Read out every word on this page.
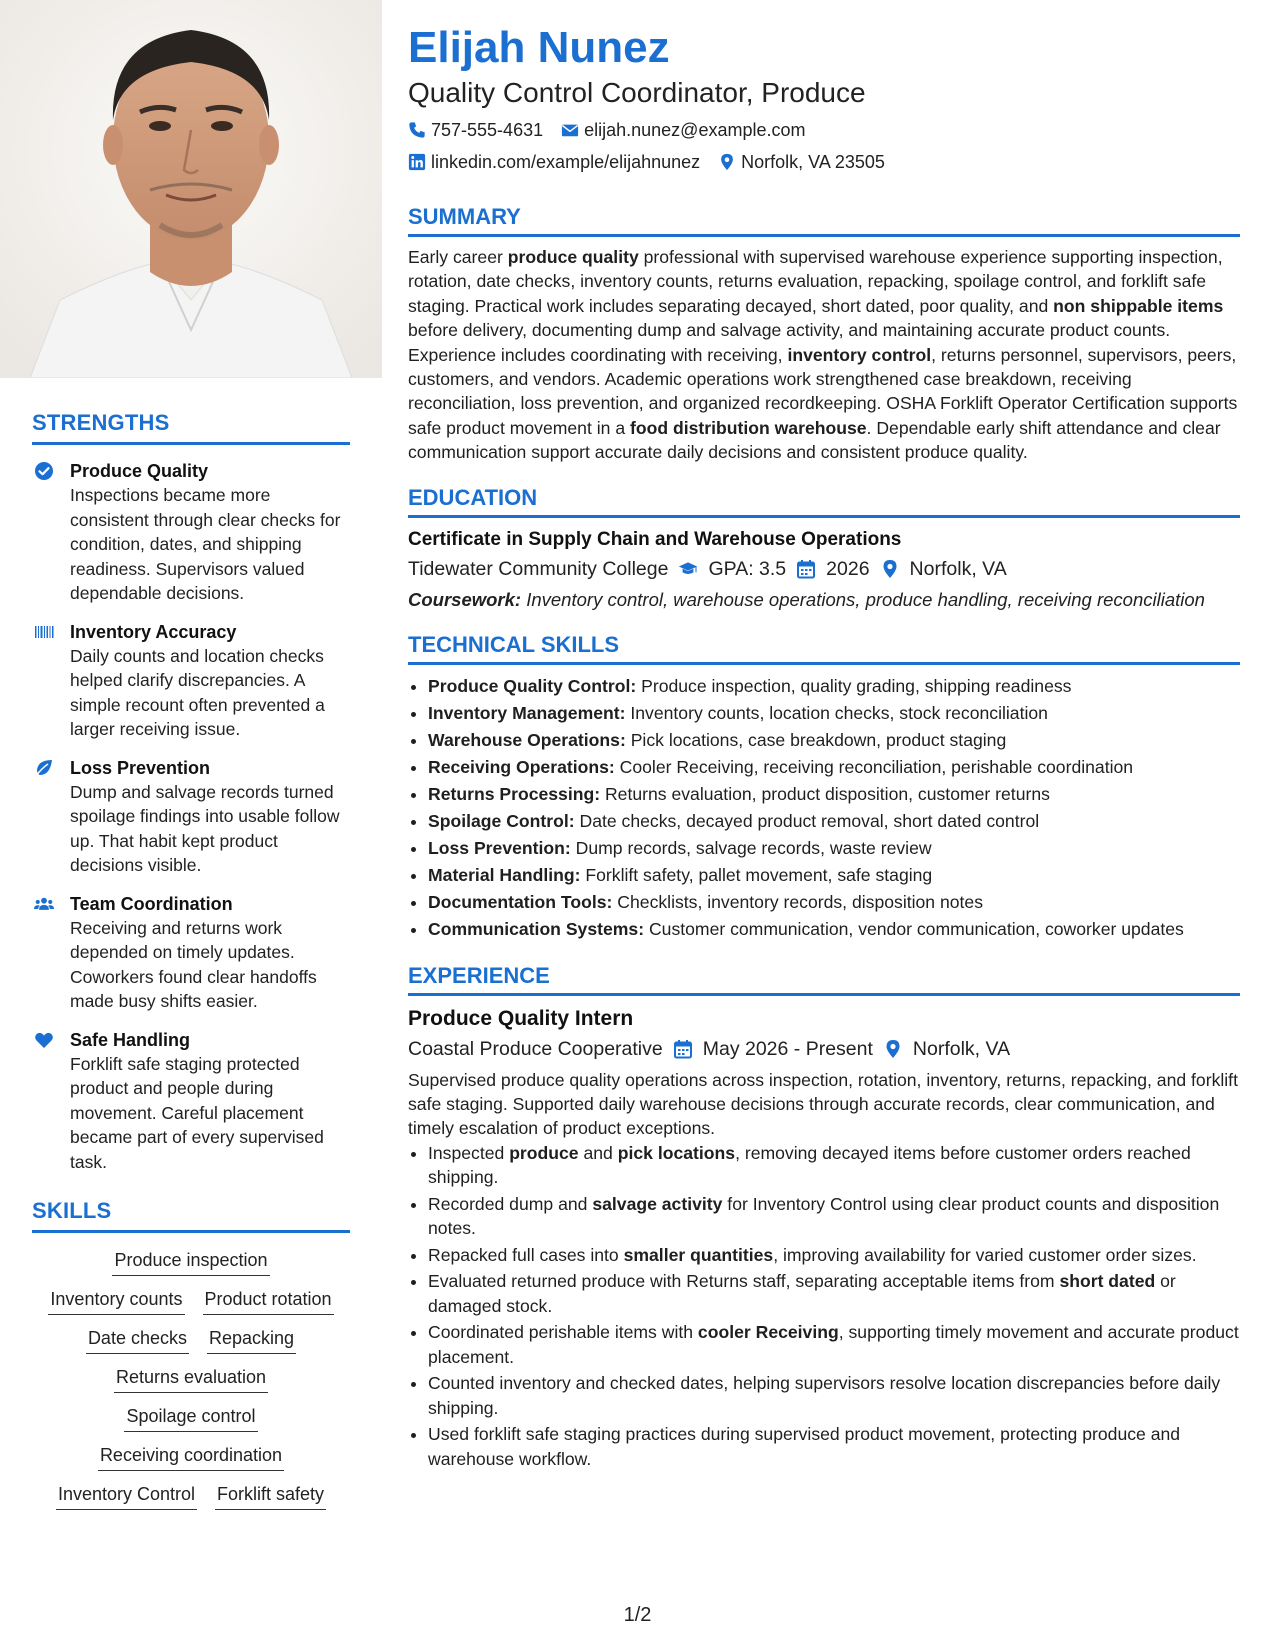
STRENGTHS
Produce Quality
Inspections became more consistent through clear checks for condition, dates, and shipping readiness. Supervisors valued dependable decisions.
Inventory Accuracy
Daily counts and location checks helped clarify discrepancies. A simple recount often prevented a larger receiving issue.
Loss Prevention
Dump and salvage records turned spoilage findings into usable follow up. That habit kept product decisions visible.
Team Coordination
Receiving and returns work depended on timely updates. Coworkers found clear handoffs made busy shifts easier.
Safe Handling
Forklift safe staging protected product and people during movement. Careful placement became part of every supervised task.
SKILLS
Produce inspection
Inventory counts Product rotation
Date checks Repacking
Returns evaluation
Spoilage control
Receiving coordination
Inventory Control Forklift safety
Elijah Nunez
Quality Control Coordinator, Produce
757-555-4631 elijah.nunez@example.com
linkedin.com/example/elijahnunez Norfolk, VA 23505
SUMMARY

Early career produce quality professional with supervised warehouse experience supporting inspection, rotation, date checks, inventory counts, returns evaluation, repacking, spoilage control, and forklift safe staging. Practical work includes separating decayed, short dated, poor quality, and non shippable items before delivery, documenting dump and salvage activity, and maintaining accurate product counts. Experience includes coordinating with receiving, inventory control, returns personnel, supervisors, peers, customers, and vendors. Academic operations work strengthened case breakdown, receiving reconciliation, loss prevention, and organized recordkeeping. OSHA Forklift Operator Certification supports safe product movement in a food distribution warehouse. Dependable early shift attendance and clear communication support accurate daily decisions and consistent produce quality.

EDUCATION
Certificate in Supply Chain and Warehouse Operations
Tidewater Community College GPA: 3.5 2026 Norfolk, VA
Coursework: Inventory control, warehouse operations, produce handling, receiving reconciliation
TECHNICAL SKILLS
• Produce Quality Control: Produce inspection, quality grading, shipping readiness
• Inventory Management: Inventory counts, location checks, stock reconciliation
• Warehouse Operations: Pick locations, case breakdown, product staging
• Receiving Operations: Cooler Receiving, receiving reconciliation, perishable coordination
• Returns Processing: Returns evaluation, product disposition, customer returns
• Spoilage Control: Date checks, decayed product removal, short dated control
• Loss Prevention: Dump records, salvage records, waste review
• Material Handling: Forklift safety, pallet movement, safe staging
• Documentation Tools: Checklists, inventory records, disposition notes
• Communication Systems: Customer communication, vendor communication, coworker updates
EXPERIENCE
Produce Quality Intern
Coastal Produce Cooperative May 2026 - Present Norfolk, VA

Supervised produce quality operations across inspection, rotation, inventory, returns, repacking, and forklift safe staging. Supported daily warehouse decisions through accurate records, clear communication, and timely escalation of product exceptions.

• Inspected produce and pick locations, removing decayed items before customer orders reached shipping.
• Recorded dump and salvage activity for Inventory Control using clear product counts and disposition notes.
• Repacked full cases into smaller quantities, improving availability for varied customer order sizes.
• Evaluated returned produce with Returns staff, separating acceptable items from short dated or damaged stock.
• Coordinated perishable items with cooler Receiving, supporting timely movement and accurate product placement.
• Counted inventory and checked dates, helping supervisors resolve location discrepancies before daily shipping.
• Used forklift safe staging practices during supervised product movement, protecting produce and warehouse workflow.
1/2
